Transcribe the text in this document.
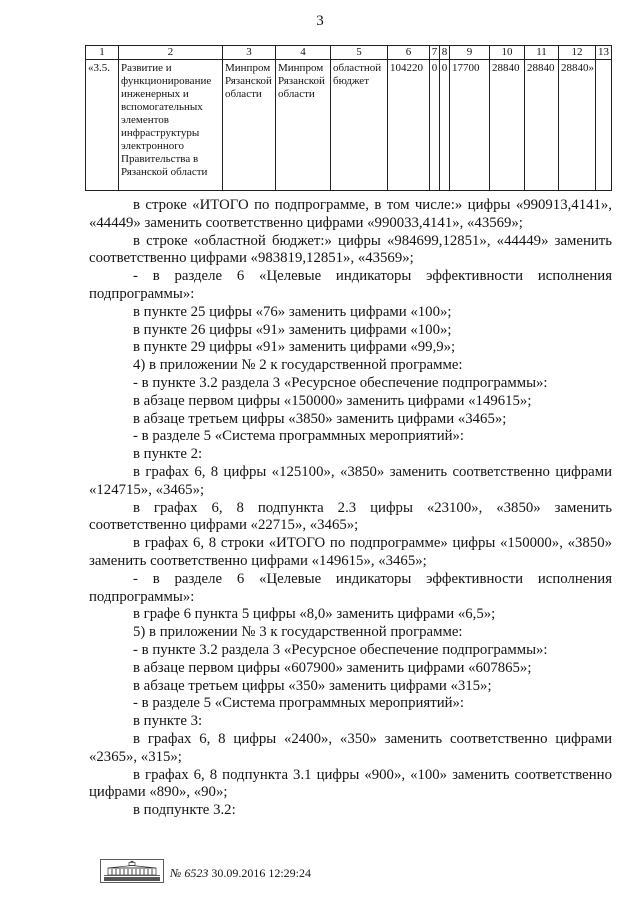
3
1	2	3	4	5	6	7	8	9	10	11	12	13
«3.5.	Развитие и функционирование инженерных и вспомогательных элементов инфраструктуры электронного Правительства в Рязанской области	Минпром Рязанской области	Минпром Рязанской области	областной бюджет	104220	0	0	17700	28840	28840	28840»	

в строке «ИТОГО по подпрограмме, в том числе:» цифры «990913,4141»,
«44449» заменить соответственно цифрами «990033,4141», «43569»;

в строке «областной бюджет:» цифры «984699,12851», «44449» заменить
соответственно цифрами «983819,12851», «43569»;

- в разделе 6 «Целевые индикаторы эффективности исполнения
подпрограммы»:

в пункте 25 цифры «76» заменить цифрами «100»;

в пункте 26 цифры «91» заменить цифрами «100»;

в пункте 29 цифры «91» заменить цифрами «99,9»;

4) в приложении № 2 к государственной программе:

- в пункте 3.2 раздела 3 «Ресурсное обеспечение подпрограммы»:

в абзаце первом цифры «150000» заменить цифрами «149615»;

в абзаце третьем цифры «3850» заменить цифрами «3465»;

- в разделе 5 «Система программных мероприятий»:

в пункте 2:

в графах 6, 8 цифры «125100», «3850» заменить соответственно цифрами
«124715», «3465»;

в графах 6, 8 подпункта 2.3 цифры «23100», «3850» заменить
соответственно цифрами «22715», «3465»;

в графах 6, 8 строки «ИТОГО по подпрограмме» цифры «150000», «3850»
заменить соответственно цифрами «149615», «3465»;

- в разделе 6 «Целевые индикаторы эффективности исполнения
подпрограммы»:

в графе 6 пункта 5 цифры «8,0» заменить цифрами «6,5»;

5) в приложении № 3 к государственной программе:

- в пункте 3.2 раздела 3 «Ресурсное обеспечение подпрограммы»:

в абзаце первом цифры «607900» заменить цифрами «607865»;

в абзаце третьем цифры «350» заменить цифрами «315»;

- в разделе 5 «Система программных мероприятий»:

в пункте 3:

в графах 6, 8 цифры «2400», «350» заменить соответственно цифрами
«2365», «315»;

в графах 6, 8 подпункта 3.1 цифры «900», «100» заменить соответственно
цифрами «890», «90»;

в подпункте 3.2:

№ 6523 30.09.2016 12:29:24
